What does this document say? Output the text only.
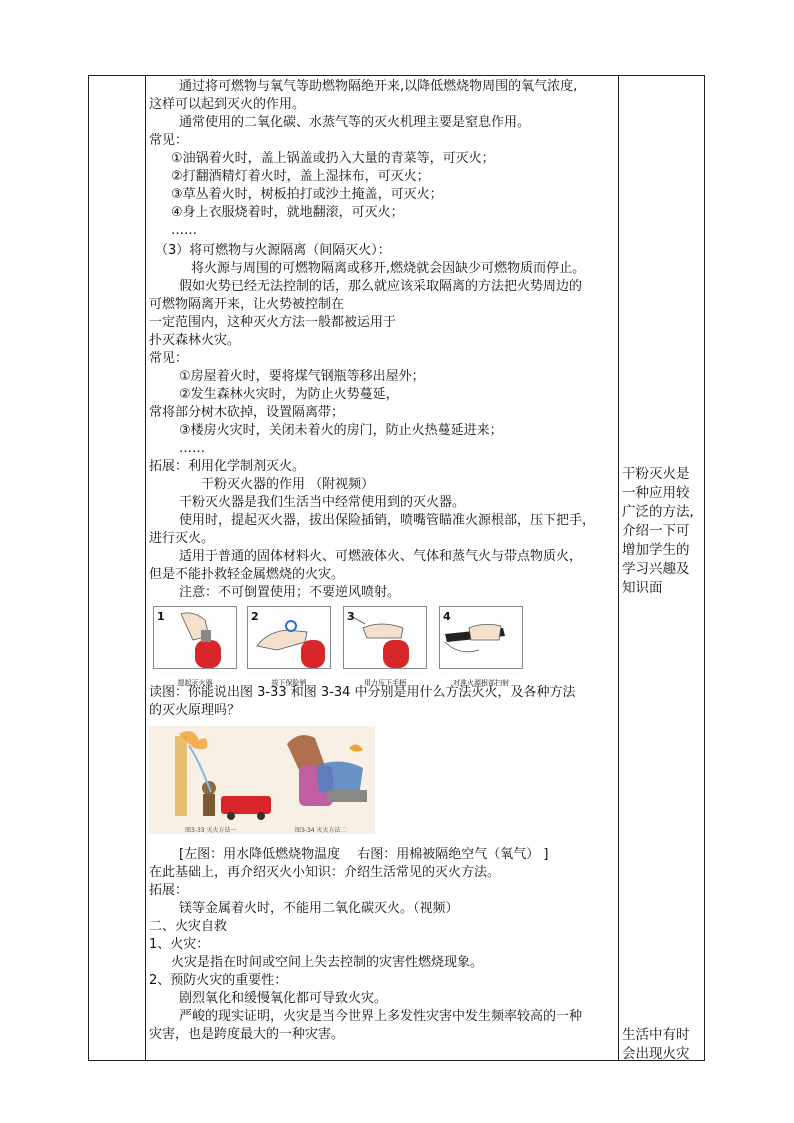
通过将可燃物与氧气等助燃物隔绝开来,以降低燃烧物周围的氧气浓度,
这样可以起到灭火的作用。
通常使用的二氧化碳、水蒸气等的灭火机理主要是窒息作用。
常见：
①油锅着火时，盖上锅盖或扔入大量的青菜等，可灭火；
②打翻酒精灯着火时，盖上湿抹布，可灭火；
③草丛着火时，树板拍打或沙土掩盖，可灭火；
④身上衣服烧着时，就地翻滚，可灭火；
……
（3）将可燃物与火源隔离（间隔灭火）：
将火源与周围的可燃物隔离或移开,燃烧就会因缺少可燃物质而停止。
假如火势已经无法控制的话，那么就应该采取隔离的方法把火势周边的
可燃物隔离开来，让火势被控制在
一定范围内，这种灭火方法一般都被运用于
扑灭森林火灾。
常见：
①房屋着火时，要将煤气钢瓶等移出屋外；
②发生森林火灾时，为防止火势蔓延，
常将部分树木砍掉，设置隔离带；
③楼房火灾时，关闭未着火的房门，防止火热蔓延进来；
……
拓展：利用化学制剂灭火。
干粉灭火器的作用 （附视频）
干粉灭火器是我们生活当中经常使用到的灭火器。
使用时，提起灭火器，拔出保险插销，喷嘴管瞄准火源根部，压下把手，
进行灭火。
适用于普通的固体材料火、可燃液体火、气体和蒸气火与带点物质火，
但是不能扑救轻金属燃烧的火灾。
注意：不可倒置使用；不要逆风喷射。
1
提起灭火器
2
拔下保险销
3
用力压下手柄
4
对准火源根部扫射
读图：你能说出图 3-33 和图 3-34 中分别是用什么方法灭火，及各种方法
的灭火原理吗？
图3-33 灭火方法一	图3-34 灭火方法二
[左图：用水降低燃烧物温度　 右图：用棉被隔绝空气（氧气） ]
在此基础上，再介绍灭火小知识：介绍生活常见的灭火方法。
拓展：
镁等金属着火时，不能用二氧化碳灭火。（视频）
二、火灾自救
1、火灾：
火灾是指在时间或空间上失去控制的灾害性燃烧现象。
2、预防火灾的重要性：
剧烈氧化和缓慢氧化都可导致火灾。
严峻的现实证明，火灾是当今世界上多发性灾害中发生频率较高的一种
灾害，也是跨度最大的一种灾害。
干粉灭火是
一种应用较
广泛的方法,
介绍一下可
增加学生的
学习兴趣及
知识面
生活中有时
会出现火灾
